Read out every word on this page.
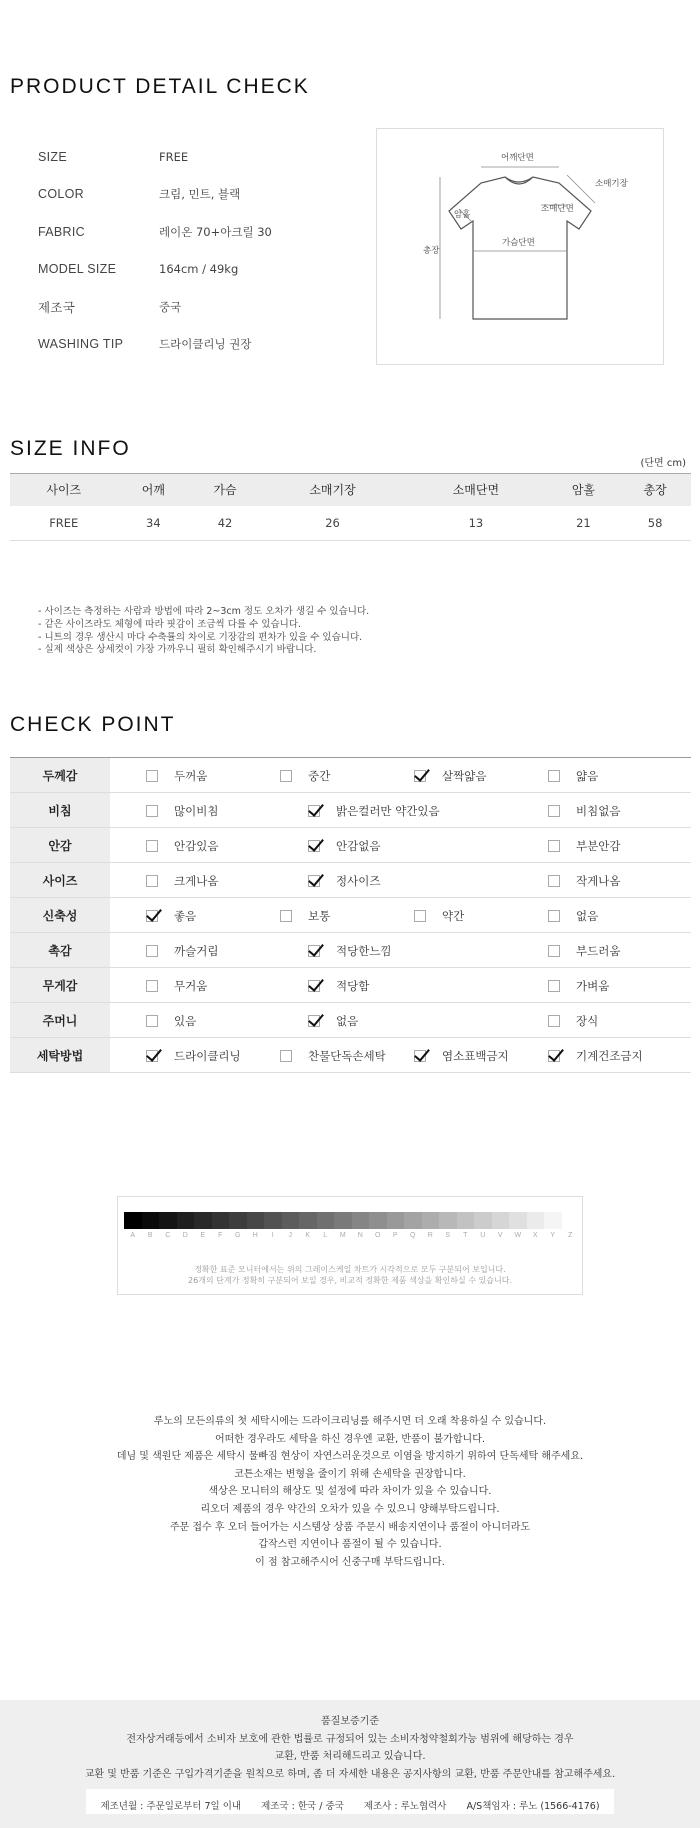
PRODUCT DETAIL CHECK
SIZE	FREE
COLOR	크림, 민트, 블랙
FABRIC	레이온 70+아크릴 30
MODEL SIZE	164cm / 49kg
제조국	중국
WASHING TIP	드라이클리닝 권장
어깨단면
소매기장
암홀
소매단면
가슴단면
총장
SIZE INFO
(단면 cm)
사이즈	어깨	가슴	소매기장	소매단면	암홀	총장
FREE	34	42	26	13	21	58
- 사이즈는 측정하는 사람과 방법에 따라 2~3cm 정도 오차가 생길 수 있습니다.
- 같은 사이즈라도 체형에 따라 핏감이 조금씩 다를 수 있습니다.
- 니트의 경우 생산시 마다 수축률의 차이로 기장감의 편차가 있을 수 있습니다.
- 실제 색상은 상세컷이 가장 가까우니 필히 확인해주시기 바랍니다.
CHECK POINT
두께감	두꺼움	중간	살짝얇음	얇음
비침	많이비침	밝은컬러만 약간있음	비침없음
안감	안감있음	안감없음	부분안감
사이즈	크게나옴	정사이즈	작게나옴
신축성	좋음	보통	약간	없음
촉감	까슬거림	적당한느낌	부드러움
무게감	무거움	적당함	가벼움
주머니	있음	없음	장식
세탁방법	드라이클리닝	찬물단독손세탁	염소표백금지	기계건조금지
A	B	C	D	E	F	G	H	I	J	K	L	M	N	O	P	Q	R	S	T	U	V	W	X	Y	Z
정확한 표준 모니터에서는 위의 그레이스케일 차트가 시각적으로 모두 구분되어 보입니다.
26개의 단계가 정확히 구분되어 보일 경우, 비교적 정확한 제품 색상을 확인하실 수 있습니다.
루노의 모든의류의 첫 세탁시에는 드라이크리닝를 해주시면 더 오래 착용하실 수 있습니다.
어떠한 경우라도 세탁을 하신 경우엔 교환, 반품이 불가합니다.
데님 및 색원단 제품은 세탁시 물빠짐 현상이 자연스러운것으로 이염을 방지하기 위하여 단독세탁 해주세요.
코튼소재는 변형을 줄이기 위해 손세탁을 권장합니다.
색상은 모니터의 해상도 및 설정에 따라 차이가 있을 수 있습니다.
리오더 제품의 경우 약간의 오차가 있을 수 있으니 양해부탁드립니다.
주문 접수 후 오더 들어가는 시스템상 상품 주문시 배송지연이나 품절이 아니더라도
갑작스런 지연이나 품절이 될 수 있습니다.
이 점 참고해주시어 신중구매 부탁드립니다.
품질보증기준
전자상거래등에서 소비자 보호에 관한 법률로 규정되어 있는 소비자청약철회가능 범위에 해당하는 경우
교환, 반품 처리해드리고 있습니다.
교환 및 반품 기준은 구입가격기준을 원칙으로 하며, 좀 더 자세한 내용은 공지사항의 교환, 반품 주문안내를 참고해주세요.
제조년월 : 주문일로부터 7일 이내	제조국 : 한국 / 중국	제조사 : 루노협력사	A/S책임자 : 루노 (1566-4176)
